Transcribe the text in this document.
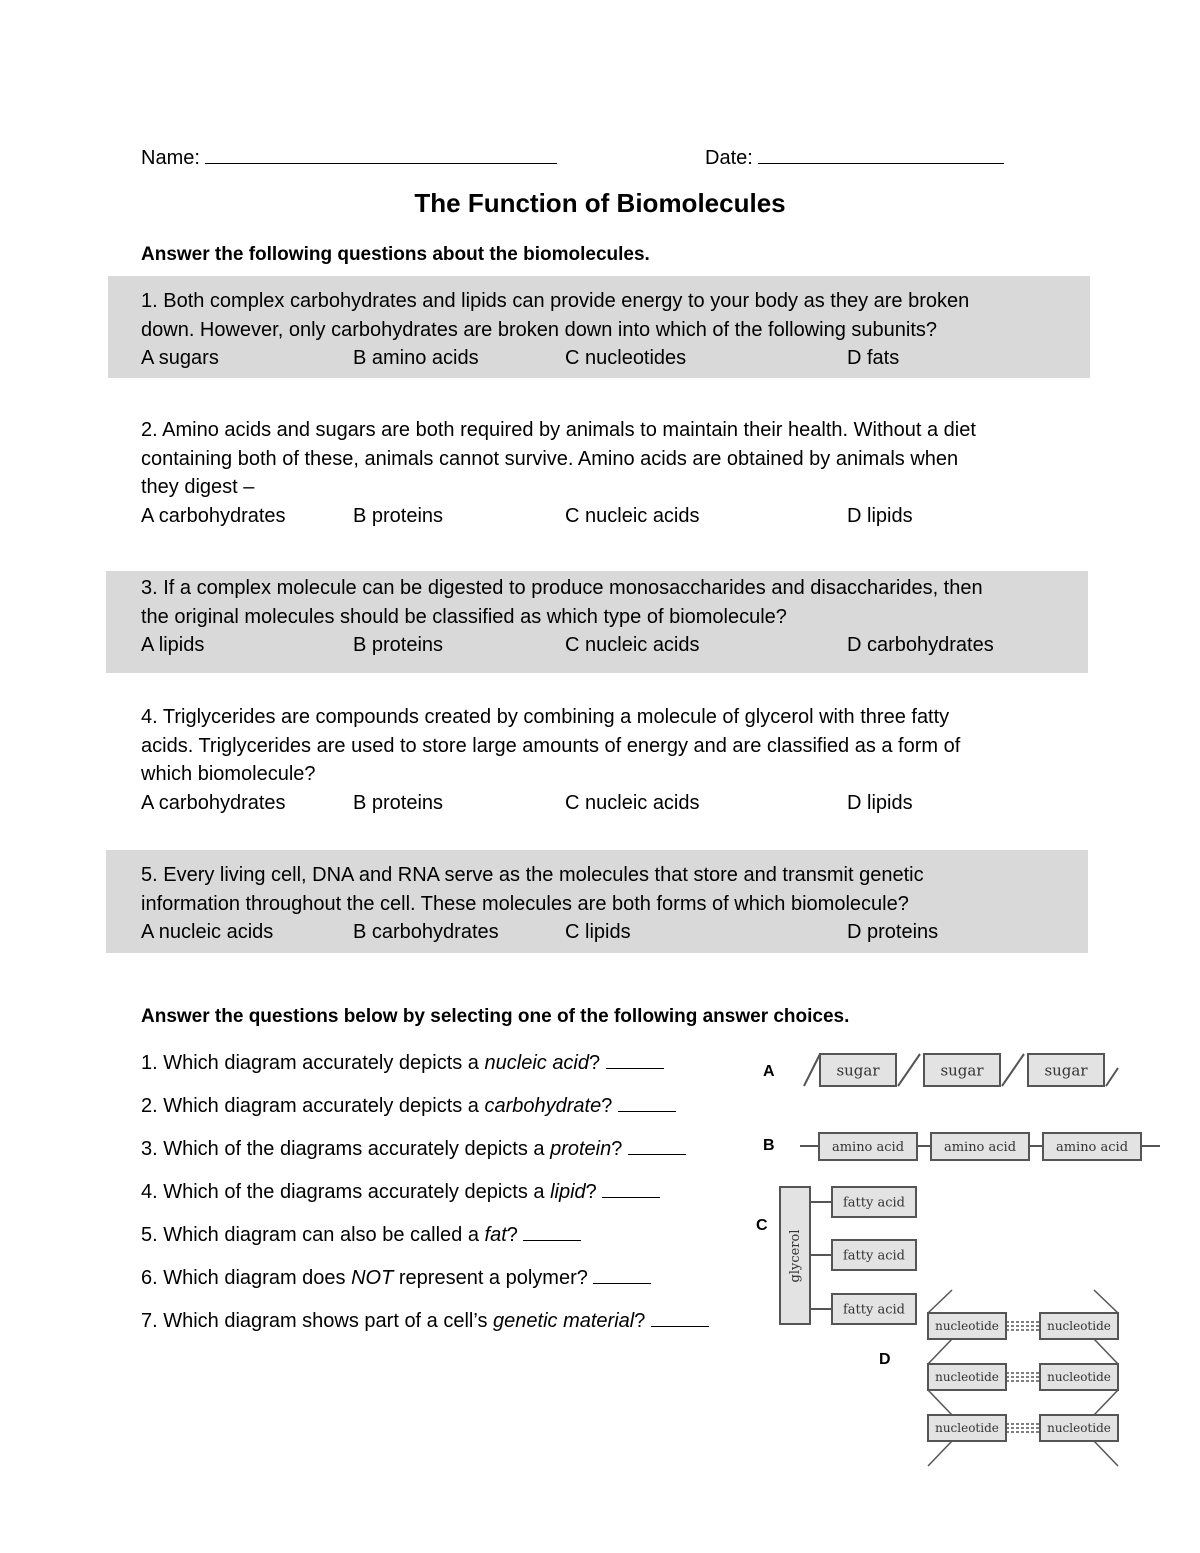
Name:	Date:
The Function of Biomolecules
Answer the following questions about the biomolecules.
1. Both complex carbohydrates and lipids can provide energy to your body as they are broken
down. However, only carbohydrates are broken down into which of the following subunits?
A sugars	B amino acids	C nucleotides	D fats
2. Amino acids and sugars are both required by animals to maintain their health. Without a diet
containing both of these, animals cannot survive. Amino acids are obtained by animals when
they digest –
A carbohydrates	B proteins	C nucleic acids	D lipids
3. If a complex molecule can be digested to produce monosaccharides and disaccharides, then
the original molecules should be classified as which type of biomolecule?
A lipids	B proteins	C nucleic acids	D carbohydrates
4. Triglycerides are compounds created by combining a molecule of glycerol with three fatty
acids. Triglycerides are used to store large amounts of energy and are classified as a form of
which biomolecule?
A carbohydrates	B proteins	C nucleic acids	D lipids
5. Every living cell, DNA and RNA serve as the molecules that store and transmit genetic
information throughout the cell. These molecules are both forms of which biomolecule?
A nucleic acids	B carbohydrates	C lipids	D proteins
Answer the questions below by selecting one of the following answer choices.
1. Which diagram accurately depicts a nucleic acid?
2. Which diagram accurately depicts a carbohydrate?
3. Which of the diagrams accurately depicts a protein?
4. Which of the diagrams accurately depicts a lipid?
5. Which diagram can also be called a fat?
6. Which diagram does NOT represent a polymer?
7. Which diagram shows part of a cell’s genetic material?
A
B
C
D
sugar	sugar	sugar
amino acid	amino acid	amino acid
glycerol
fatty acid
fatty acid
fatty acid
nucleotide	nucleotide
nucleotide	nucleotide
nucleotide	nucleotide
